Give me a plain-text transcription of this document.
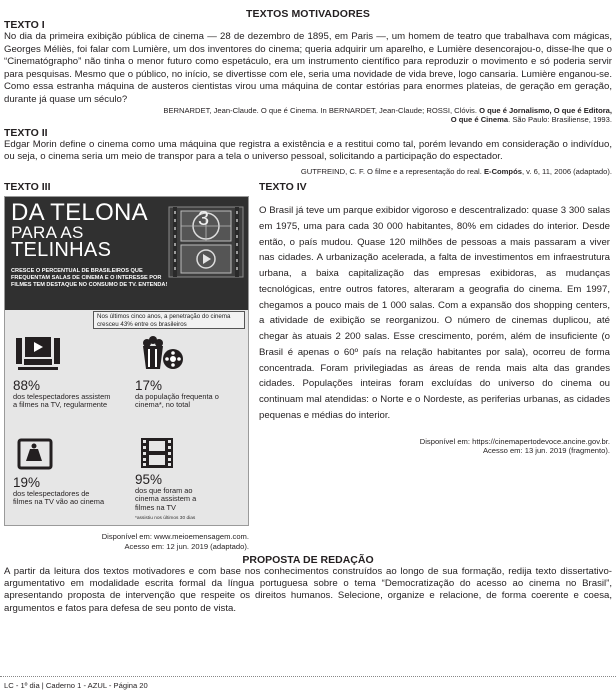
TEXTOS MOTIVADORES
TEXTO I

No dia da primeira exibição pública de cinema — 28 de dezembro de 1895, em Paris —, um homem de teatro que trabalhava com mágicas, Georges Méliès, foi falar com Lumière, um dos inventores do cinema; queria adquirir um aparelho, e Lumière desencorajou-o, disse-lhe que o “Cinematógrapho” não tinha o menor futuro como espetáculo, era um instrumento científico para reproduzir o movimento e só poderia servir para pesquisas. Mesmo que o público, no início, se divertisse com ele, seria uma novidade de vida breve, logo cansaria. Lumière enganou-se. Como essa estranha máquina de austeros cientistas virou uma máquina de contar estórias para enormes plateias, de geração em geração, durante já quase um século?

BERNARDET, Jean-Claude. O que é Cinema. In BERNARDET, Jean-Claude; ROSSI, Clóvis. O que é Jornalismo, O que é Editora,
O que é Cinema. São Paulo: Brasiliense, 1993.
TEXTO II

Edgar Morin define o cinema como uma máquina que registra a existência e a restitui como tal, porém levando em consideração o indivíduo, ou seja, o cinema seria um meio de transpor para a tela o universo pessoal, solicitando a participação do espectador.

GUTFREIND, C. F. O filme e a representação do real. E-Compós, v. 6, 11, 2006 (adaptado).
TEXTO III
DA TELONA
PARA AS
TELINHAS
CRESCE O PERCENTUAL DE BRASILEIROS QUE FREQUENTAM SALAS DE CINEMA E O INTERESSE POR FILMES TEM DESTAQUE NO CONSUMO DE TV. ENTENDA!
3
Nos últimos cinco anos, a penetração do cinema cresceu 43% entre os brasileiros
88%
dos telespectadores assistem a filmes na TV, regularmente
17%
da população frequenta o cinema*, no total
19%
dos telespectadores de filmes na TV vão ao cinema
95%
dos que foram ao cinema assistem a filmes na TV
*assistiu nos últimos 30 dias
Disponível em: www.meioemensagem.com.
Acesso em: 12 jun. 2019 (adaptado).
TEXTO IV

O Brasil já teve um parque exibidor vigoroso e descentralizado: quase 3 300 salas em 1975, uma para cada 30 000 habitantes, 80% em cidades do interior. Desde então, o país mudou. Quase 120 milhões de pessoas a mais passaram a viver nas cidades. A urbanização acelerada, a falta de investimentos em infraestrutura urbana, a baixa capitalização das empresas exibidoras, as mudanças tecnológicas, entre outros fatores, alteraram a geografia do cinema. Em 1997, chegamos a pouco mais de 1 000 salas. Com a expansão dos shopping centers, a atividade de exibição se reorganizou. O número de cinemas duplicou, até chegar às atuais 2 200 salas. Esse crescimento, porém, além de insuficiente (o Brasil é apenas o 60º país na relação habitantes por sala), ocorreu de forma concentrada. Foram privilegiadas as áreas de renda mais alta das grandes cidades. Populações inteiras foram excluídas do universo do cinema ou continuam mal atendidas: o Norte e o Nordeste, as periferias urbanas, as cidades pequenas e médias do interior.

Disponível em: https://cinemapertodevoce.ancine.gov.br.
Acesso em: 13 jun. 2019 (fragmento).
PROPOSTA DE REDAÇÃO

A partir da leitura dos textos motivadores e com base nos conhecimentos construídos ao longo de sua formação, redija texto dissertativo-argumentativo em modalidade escrita formal da língua portuguesa sobre o tema “Democratização do acesso ao cinema no Brasil”, apresentando proposta de intervenção que respeite os direitos humanos. Selecione, organize e relacione, de forma coerente e coesa, argumentos e fatos para defesa de seu ponto de vista.

LC - 1º dia | Caderno 1 - AZUL - Página 20
